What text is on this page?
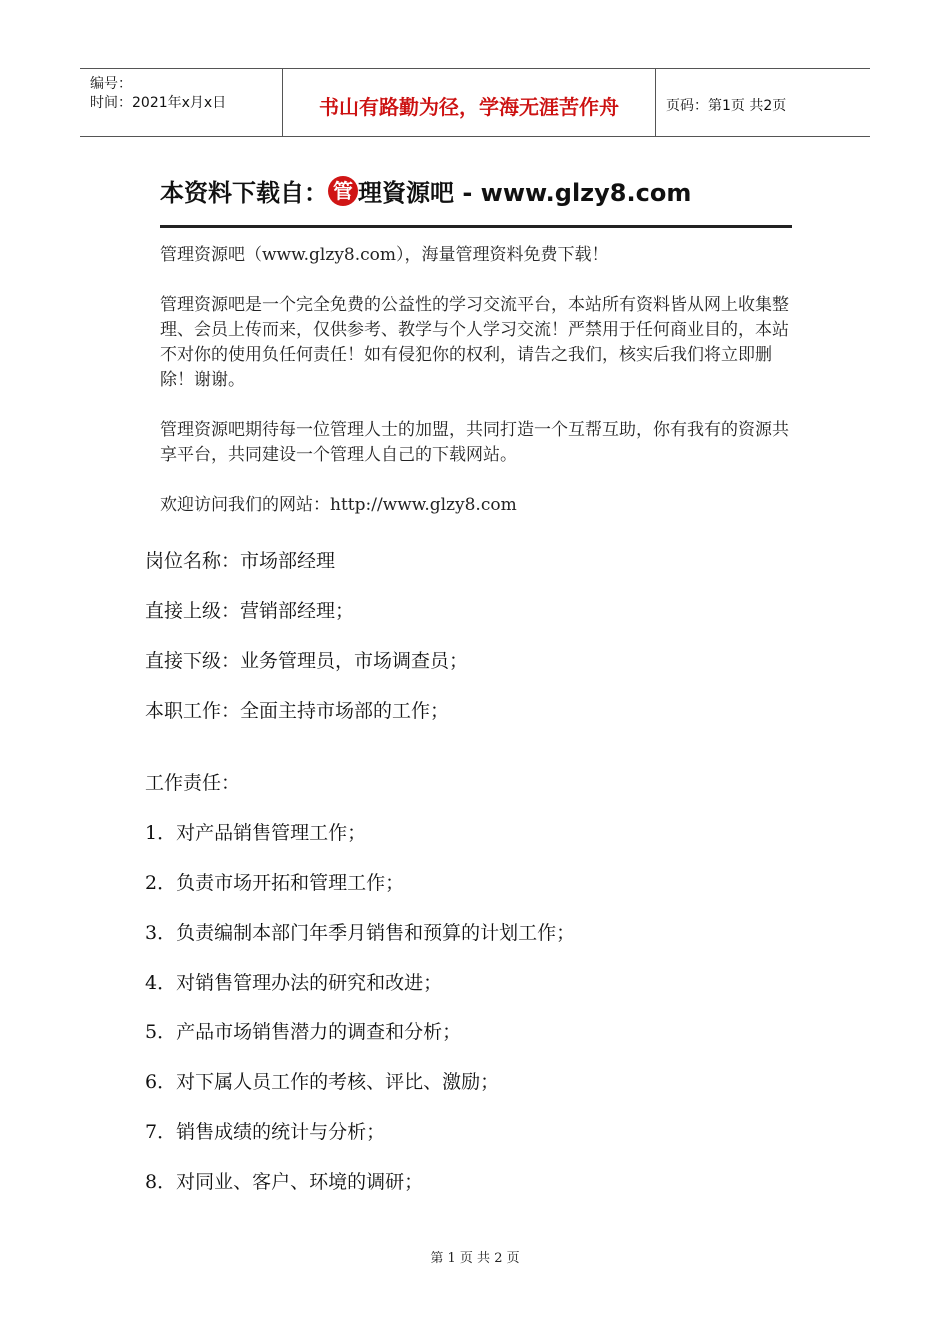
编号：
时间：2021年x月x日	书山有路勤为径，学海无涯苦作舟	页码：第1页 共2页
本资料下载自： 管 理資源吧 - www.glzy8.com
管理资源吧（www.glzy8.com），海量管理资料免费下载！
管理资源吧是一个完全免费的公益性的学习交流平台，本站所有资料皆从网上收集整理、会员上传而来，仅供参考、教学与个人学习交流！严禁用于任何商业目的，本站不对你的使用负任何责任！如有侵犯你的权利，请告之我们，核实后我们将立即删除！谢谢。
管理资源吧期待每一位管理人士的加盟，共同打造一个互帮互助，你有我有的资源共享平台，共同建设一个管理人自己的下载网站。
欢迎访问我们的网站：http://www.glzy8.com
岗位名称：市场部经理
直接上级：营销部经理；
直接下级：业务管理员，市场调查员；
本职工作：全面主持市场部的工作；
工作责任：
1．对产品销售管理工作；
2．负责市场开拓和管理工作；
3．负责编制本部门年季月销售和预算的计划工作；
4．对销售管理办法的研究和改进；
5．产品市场销售潜力的调查和分析；
6．对下属人员工作的考核、评比、激励；
7．销售成绩的统计与分析；
8．对同业、客户、环境的调研；
第 1 页 共 2 页
